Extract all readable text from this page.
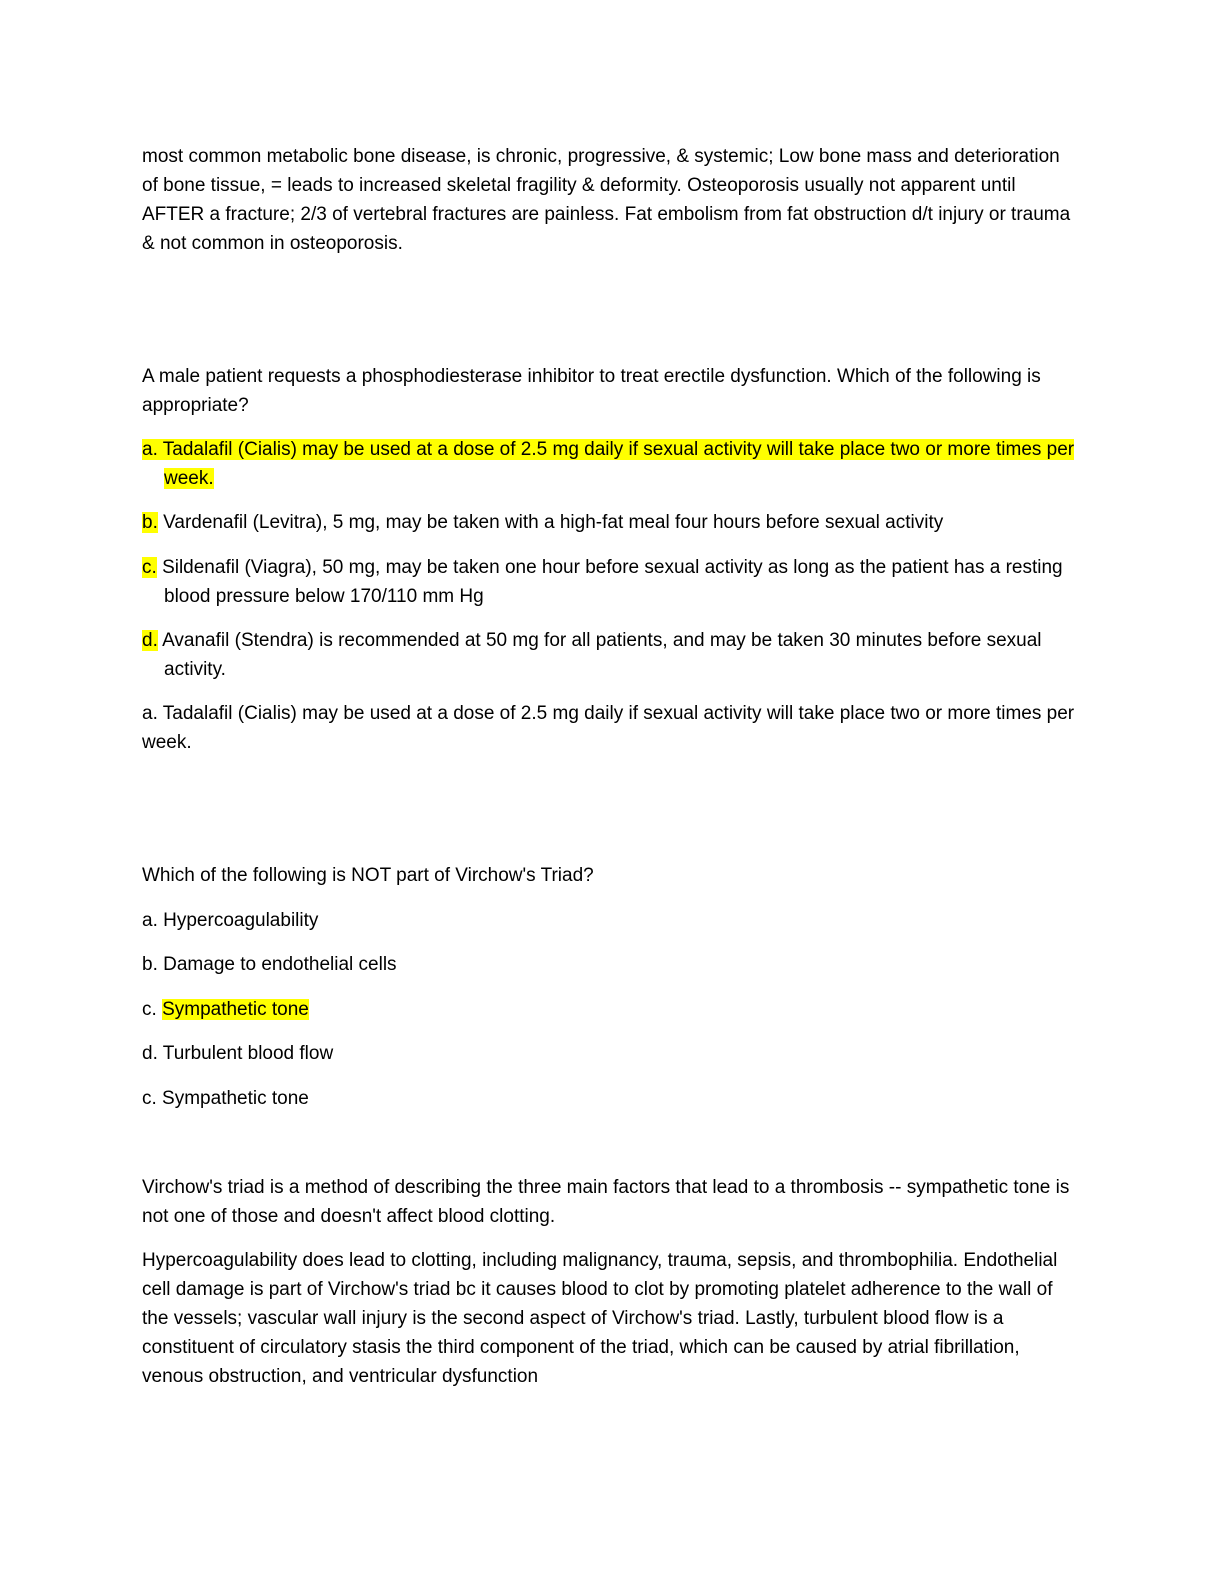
most common metabolic bone disease, is chronic, progressive, & systemic; Low bone mass and deterioration of bone tissue, = leads to increased skeletal fragility & deformity. Osteoporosis usually not apparent until AFTER a fracture; 2/3 of vertebral fractures are painless. Fat embolism from fat obstruction d/t injury or trauma & not common in osteoporosis.

A male patient requests a phosphodiesterase inhibitor to treat erectile dysfunction. Which of the following is appropriate?

a. Tadalafil (Cialis) may be used at a dose of 2.5 mg daily if sexual activity will take place two or more times per week.

b. Vardenafil (Levitra), 5 mg, may be taken with a high-fat meal four hours before sexual activity

c. Sildenafil (Viagra), 50 mg, may be taken one hour before sexual activity as long as the patient has a resting blood pressure below 170/110 mm Hg

d. Avanafil (Stendra) is recommended at 50 mg for all patients, and may be taken 30 minutes before sexual activity.

a. Tadalafil (Cialis) may be used at a dose of 2.5 mg daily if sexual activity will take place two or more times per week.

Which of the following is NOT part of Virchow's Triad?

a. Hypercoagulability

b. Damage to endothelial cells

c. Sympathetic tone

d. Turbulent blood flow

c. Sympathetic tone

Virchow's triad is a method of describing the three main factors that lead to a thrombosis -- sympathetic tone is not one of those and doesn't affect blood clotting.

Hypercoagulability does lead to clotting, including malignancy, trauma, sepsis, and thrombophilia. Endothelial cell damage is part of Virchow's triad bc it causes blood to clot by promoting platelet adherence to the wall of the vessels; vascular wall injury is the second aspect of Virchow's triad. Lastly, turbulent blood flow is a constituent of circulatory stasis the third component of the triad, which can be caused by atrial fibrillation, venous obstruction, and ventricular dysfunction
